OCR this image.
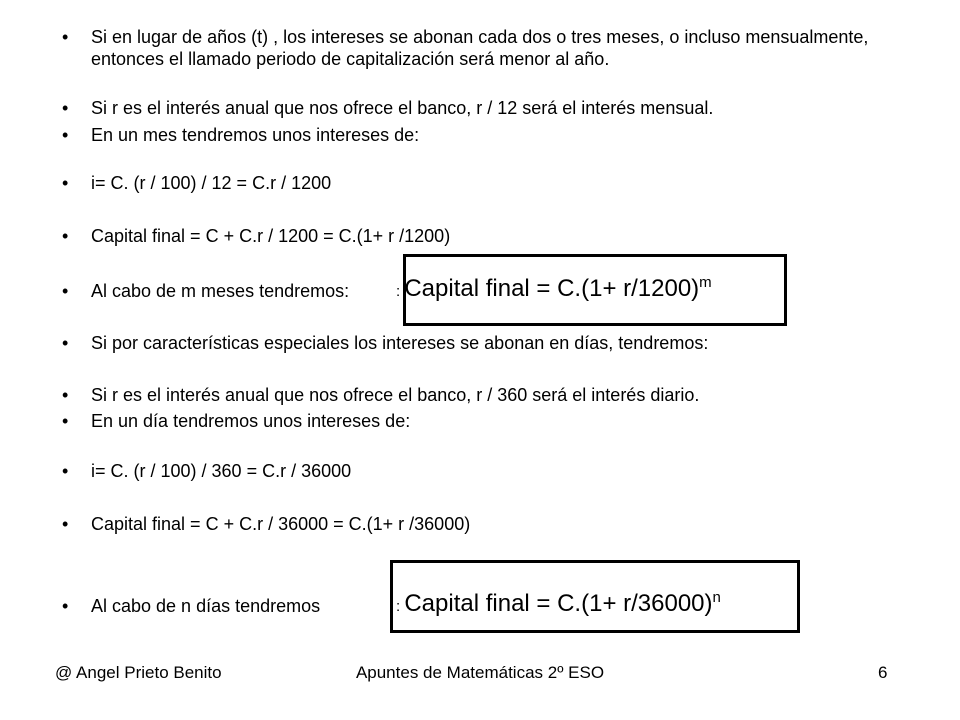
• Si en lugar de años (t) , los intereses se abonan cada dos o tres meses, o incluso mensualmente, entonces el llamado periodo de capitalización será menor al año.
• Si r es el interés anual que nos ofrece el banco, r / 12 será el interés mensual.
• En un mes tendremos unos intereses de:
• i= C. (r / 100) / 12 = C.r / 1200
• Capital final = C + C.r / 1200 = C.(1+ r /1200)
• Al cabo de m meses tendremos:	: Capital final = $C.(1+ r/1200)^m$
• Si por características especiales los intereses se abonan en días, tendremos:
• Si r es el interés anual que nos ofrece el banco, r / 360 será el interés diario.
• En un día tendremos unos intereses de:
• i= C. (r / 100) / 360 = C.r / 36000
• Capital final = C + C.r / 36000 = C.(1+ r /36000)
• Al cabo de n días tendremos	: Capital final = $C.(1+ r/36000)^n$
@ Angel Prieto Benito	Apuntes de Matemáticas 2º ESO	6
